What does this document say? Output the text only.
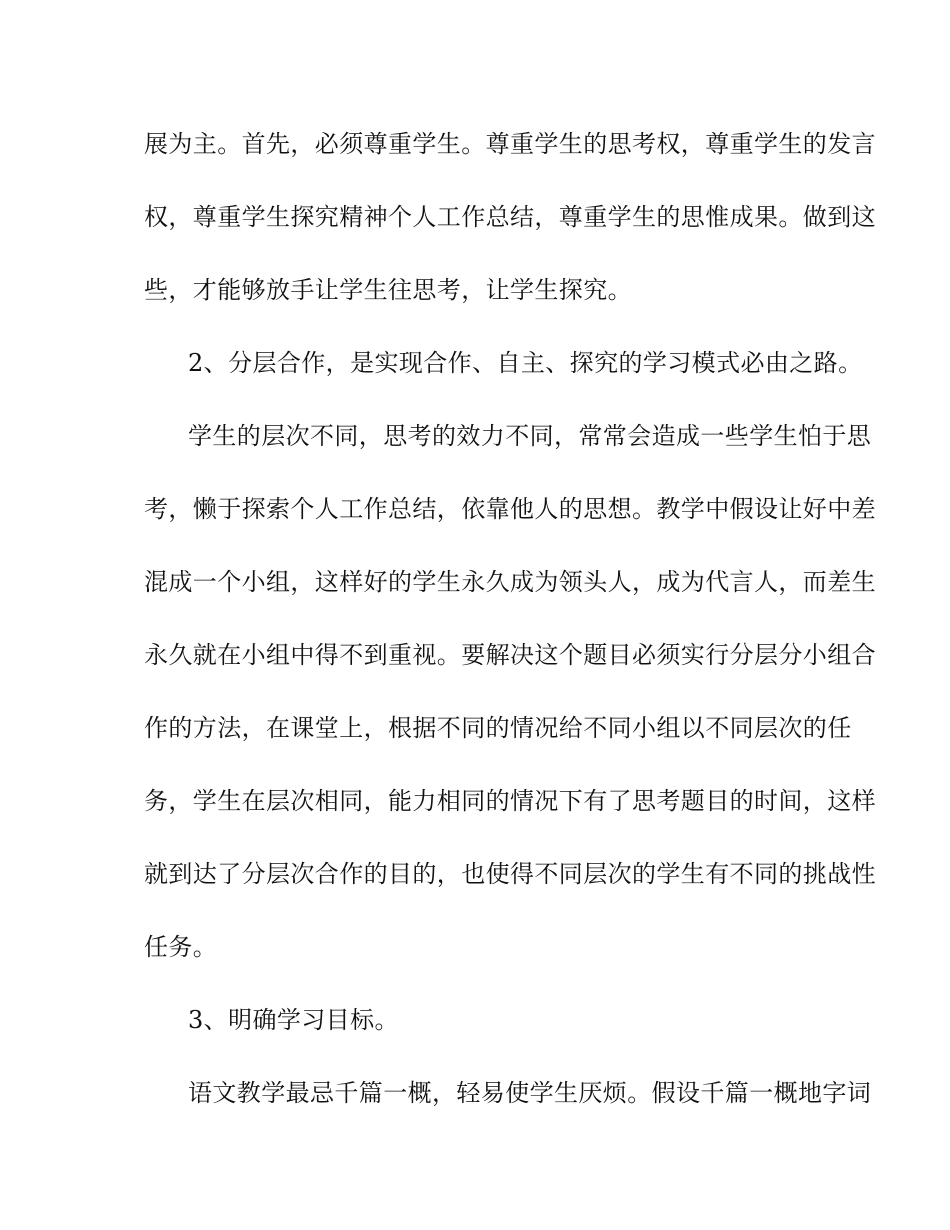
展为主。首先，必须尊重学生。尊重学生的思考权，尊重学生的发言
权，尊重学生探究精神个人工作总结，尊重学生的思惟成果。做到这
些，才能够放手让学生往思考，让学生探究。
2、分层合作，是实现合作、自主、探究的学习模式必由之路。
学生的层次不同，思考的效力不同，常常会造成一些学生怕于思
考，懒于探索个人工作总结，依靠他人的思想。教学中假设让好中差
混成一个小组，这样好的学生永久成为领头人，成为代言人，而差生
永久就在小组中得不到重视。要解决这个题目必须实行分层分小组合
作的方法，在课堂上，根据不同的情况给不同小组以不同层次的任
务，学生在层次相同，能力相同的情况下有了思考题目的时间，这样
就到达了分层次合作的目的，也使得不同层次的学生有不同的挑战性
任务。
3、明确学习目标。
语文教学最忌千篇一概，轻易使学生厌烦。假设千篇一概地字词
